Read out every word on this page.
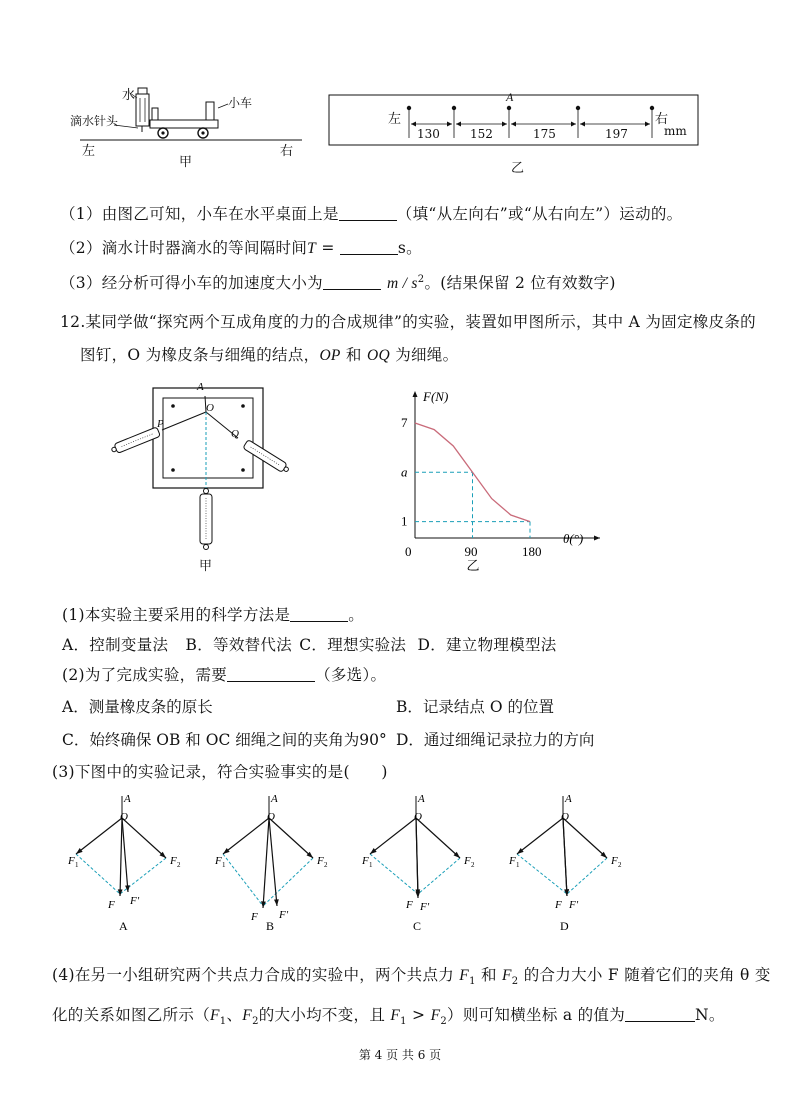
水
滴水针头
小车
左	右
甲
左	右
A
mm
130	152	175	197
乙
（1）由图乙可知，小车在水平桌面上是	（填“从左向右”或“从右向左”）运动的。
（2）滴水计时器滴水的等间隔时间T =	s。
（3）经分析可得小车的加速度大小为	m / $s^2$。(结果保留 2 位有效数字)
12.某同学做“探究两个互成角度的力的合成规律”的实验，装置如甲图所示，其中 A 为固定橡皮条的
图钉，O 为橡皮条与细绳的结点，OP 和 OQ 为细绳。
A
O
P
Q
甲
0	90	180
1
a
7
F(N)
θ(°)
乙
(1)本实验主要采用的科学方法是	。
A．控制变量法 B．等效替代法 C．理想实验法 D．建立物理模型法
(2)为了完成实验，需要	（多选）。
A．测量橡皮条的原长	B．记录结点 O 的位置
C．始终确保 OB 和 OC 细绳之间的夹角为90° D．通过细绳记录拉力的方向
(3)下图中的实验记录，符合实验事实的是(　　)
A
O
F 1	F 2
F F′
A
A
O
F 1	F 2
F F′
B
A
O
F 1	F 2
F F′
C
A
O
F 1	F 2
F F′
D
(4)在另一小组研究两个共点力合成的实验中，两个共点力 $F_1$ 和 $F_2$ 的合力大小 F 随着它们的夹角 θ 变
化的关系如图乙所示（$F_1$、$F_2$的大小均不变，且 $F_1 > F_2$）则可知横坐标 a 的值为	N。
第 4 页 共 6 页
